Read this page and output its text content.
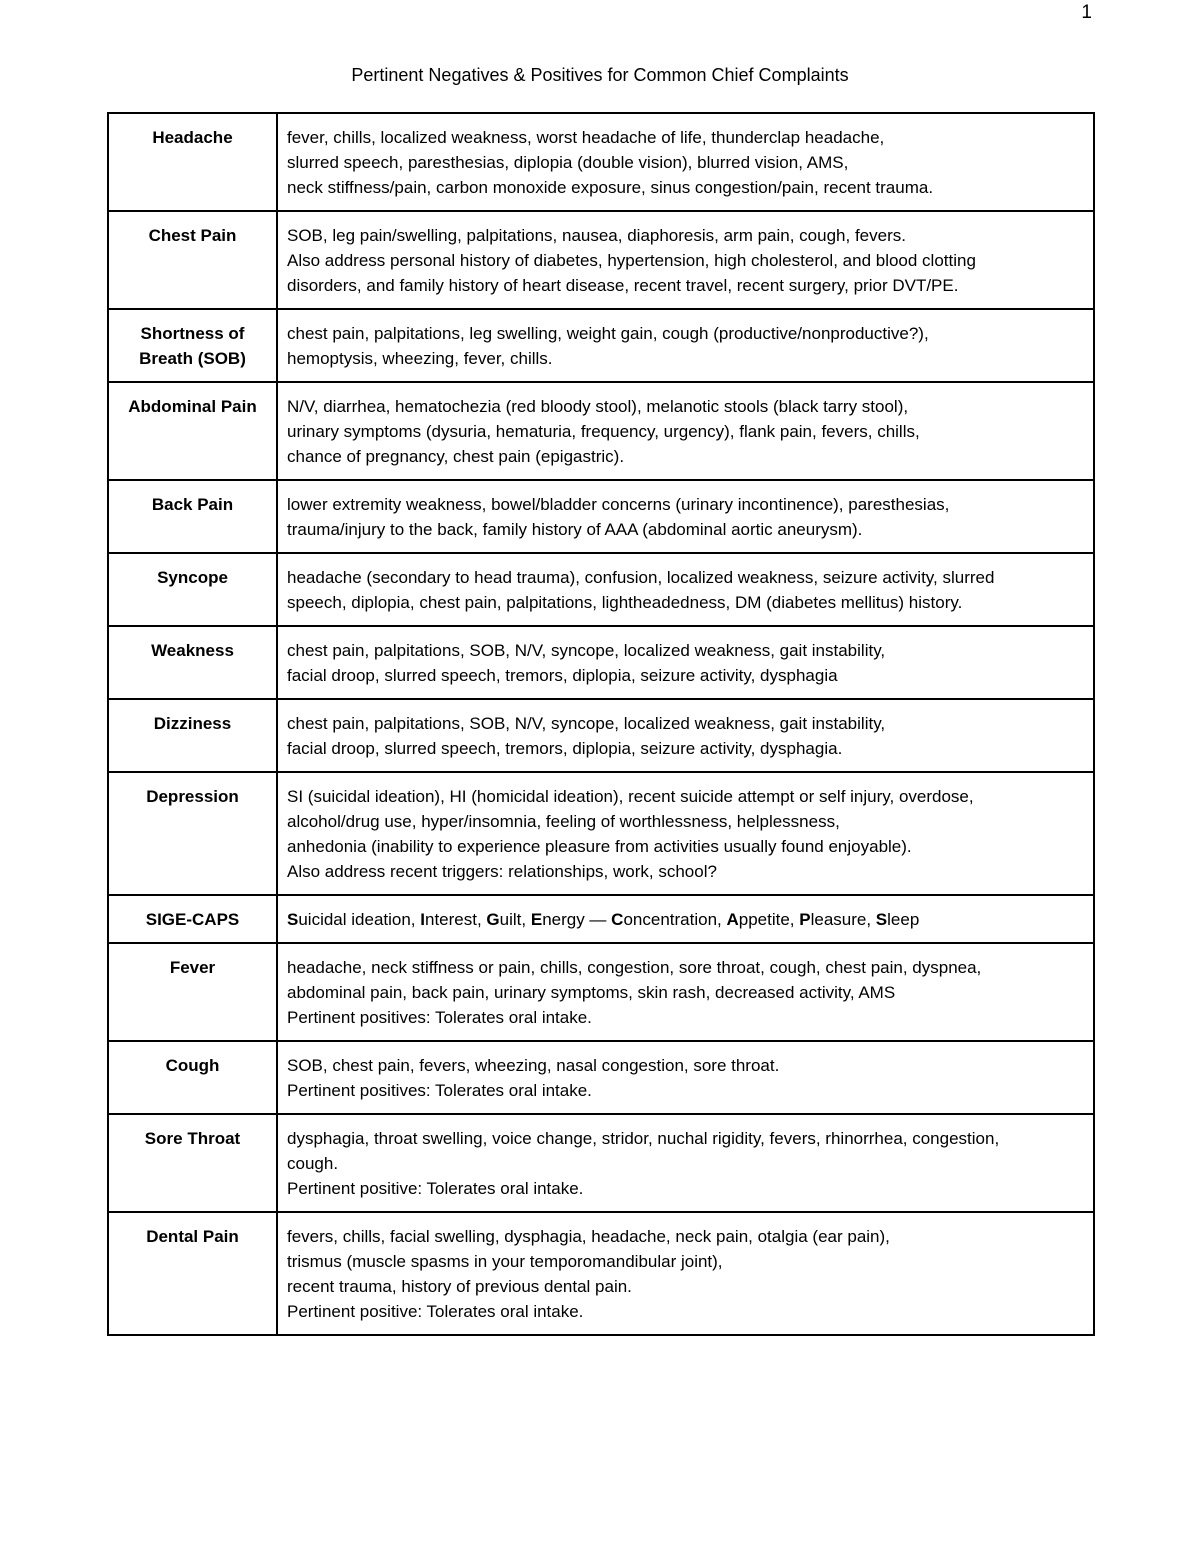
1
Pertinent Negatives & Positives for Common Chief Complaints
Headache	fever, chills, localized weakness, worst headache of life, thunderclap headache,
slurred speech, paresthesias, diplopia (double vision), blurred vision, AMS,
neck stiffness/pain, carbon monoxide exposure, sinus congestion/pain, recent trauma.

Chest Pain	SOB, leg pain/swelling, palpitations, nausea, diaphoresis, arm pain, cough, fevers.
Also address personal history of diabetes, hypertension, high cholesterol, and blood clotting
disorders, and family history of heart disease, recent travel, recent surgery, prior DVT/PE.

Shortness of
Breath (SOB)	chest pain, palpitations, leg swelling, weight gain, cough (productive/nonproductive?),
hemoptysis, wheezing, fever, chills.

Abdominal Pain	N/V, diarrhea, hematochezia (red bloody stool), melanotic stools (black tarry stool),
urinary symptoms (dysuria, hematuria, frequency, urgency), flank pain, fevers, chills,
chance of pregnancy, chest pain (epigastric).

Back Pain	lower extremity weakness, bowel/bladder concerns (urinary incontinence), paresthesias,
trauma/injury to the back, family history of AAA (abdominal aortic aneurysm).

Syncope	headache (secondary to head trauma), confusion, localized weakness, seizure activity, slurred
speech, diplopia, chest pain, palpitations, lightheadedness, DM (diabetes mellitus) history.

Weakness	chest pain, palpitations, SOB, N/V, syncope, localized weakness, gait instability,
facial droop, slurred speech, tremors, diplopia, seizure activity, dysphagia

Dizziness	chest pain, palpitations, SOB, N/V, syncope, localized weakness, gait instability,
facial droop, slurred speech, tremors, diplopia, seizure activity, dysphagia.

Depression	SI (suicidal ideation), HI (homicidal ideation), recent suicide attempt or self injury, overdose,
alcohol/drug use, hyper/insomnia, feeling of worthlessness, helplessness,
anhedonia (inability to experience pleasure from activities usually found enjoyable).
Also address recent triggers: relationships, work, school?

SIGE-CAPS	Suicidal ideation, Interest, Guilt, Energy — Concentration, Appetite, Pleasure, Sleep

Fever	headache, neck stiffness or pain, chills, congestion, sore throat, cough, chest pain, dyspnea,
abdominal pain, back pain, urinary symptoms, skin rash, decreased activity, AMS
Pertinent positives: Tolerates oral intake.

Cough	SOB, chest pain, fevers, wheezing, nasal congestion, sore throat.
Pertinent positives: Tolerates oral intake.

Sore Throat	dysphagia, throat swelling, voice change, stridor, nuchal rigidity, fevers, rhinorrhea, congestion,
cough.
Pertinent positive: Tolerates oral intake.

Dental Pain	fevers, chills, facial swelling, dysphagia, headache, neck pain, otalgia (ear pain),
trismus (muscle spasms in your temporomandibular joint),
recent trauma, history of previous dental pain.
Pertinent positive: Tolerates oral intake.
